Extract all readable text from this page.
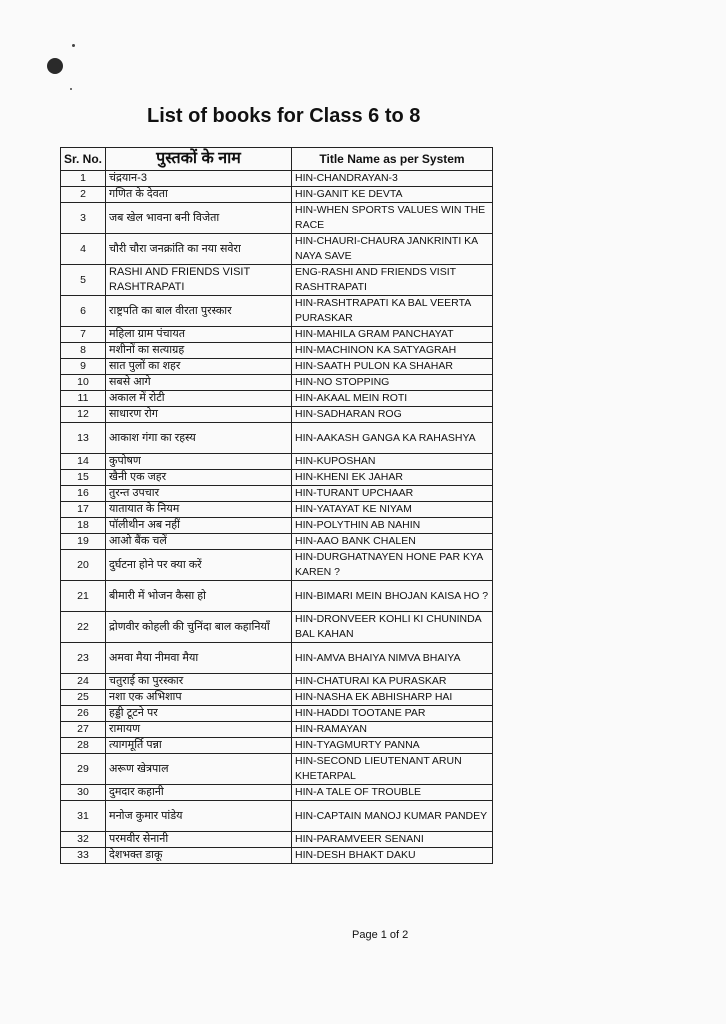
List of books for Class 6 to 8
Sr. No.	पुस्तकों के नाम	Title Name as per System
1	चंद्रयान-3	HIN-CHANDRAYAN-3
2	गणित के देवता	HIN-GANIT KE DEVTA
3	जब खेल भावना बनी विजेता	HIN-WHEN SPORTS VALUES WIN THE RACE
4	चौरी चौरा जनक्रांति का नया सवेरा	HIN-CHAURI-CHAURA JANKRINTI KA NAYA SAVE
5	RASHI AND FRIENDS VISIT RASHTRAPATI	ENG-RASHI AND FRIENDS VISIT RASHTRAPATI
6	राष्ट्रपति का बाल वीरता पुरस्कार	HIN-RASHTRAPATI KA BAL VEERTA PURASKAR
7	महिला ग्राम पंचायत	HIN-MAHILA GRAM PANCHAYAT
8	मशीनों का सत्याग्रह	HIN-MACHINON KA SATYAGRAH
9	सात पुलों का शहर	HIN-SAATH PULON KA SHAHAR
10	सबसे आगे	HIN-NO STOPPING
11	अकाल में रोटी	HIN-AKAAL MEIN ROTI
12	साधारण रोग	HIN-SADHARAN ROG
13	आकाश गंगा का रहस्य	HIN-AAKASH GANGA KA RAHASHYA
14	कुपोषण	HIN-KUPOSHAN
15	खैनी एक जहर	HIN-KHENI EK JAHAR
16	तुरन्त उपचार	HIN-TURANT UPCHAAR
17	यातायात के नियम	HIN-YATAYAT KE NIYAM
18	पॉलीथीन अब नहीं	HIN-POLYTHIN AB NAHIN
19	आओ बैंक चलें	HIN-AAO BANK CHALEN
20	दुर्घटना होने पर क्या करें	HIN-DURGHATNAYEN HONE PAR KYA KAREN ?
21	बीमारी में भोजन कैसा हो	HIN-BIMARI MEIN BHOJAN KAISA HO ?
22	द्रोणवीर कोहली की चुनिंदा बाल कहानियाँ	HIN-DRONVEER KOHLI KI CHUNINDA BAL KAHAN
23	अमवा मैया नीमवा मैया	HIN-AMVA BHAIYA NIMVA BHAIYA
24	चतुराई का पुरस्कार	HIN-CHATURAI KA PURASKAR
25	नशा एक अभिशाप	HIN-NASHA EK ABHISHARP HAI
26	हड्डी टूटने पर	HIN-HADDI TOOTANE PAR
27	रामायण	HIN-RAMAYAN
28	त्यागमूर्ति पन्ना	HIN-TYAGMURTY PANNA
29	अरूण खेत्रपाल	HIN-SECOND LIEUTENANT ARUN KHETARPAL
30	दुमदार कहानी	HIN-A TALE OF TROUBLE
31	मनोज कुमार पांडेय	HIN-CAPTAIN MANOJ KUMAR PANDEY
32	परमवीर सेनानी	HIN-PARAMVEER SENANI
33	देशभक्त डाकू	HIN-DESH BHAKT DAKU
Page 1 of 2
